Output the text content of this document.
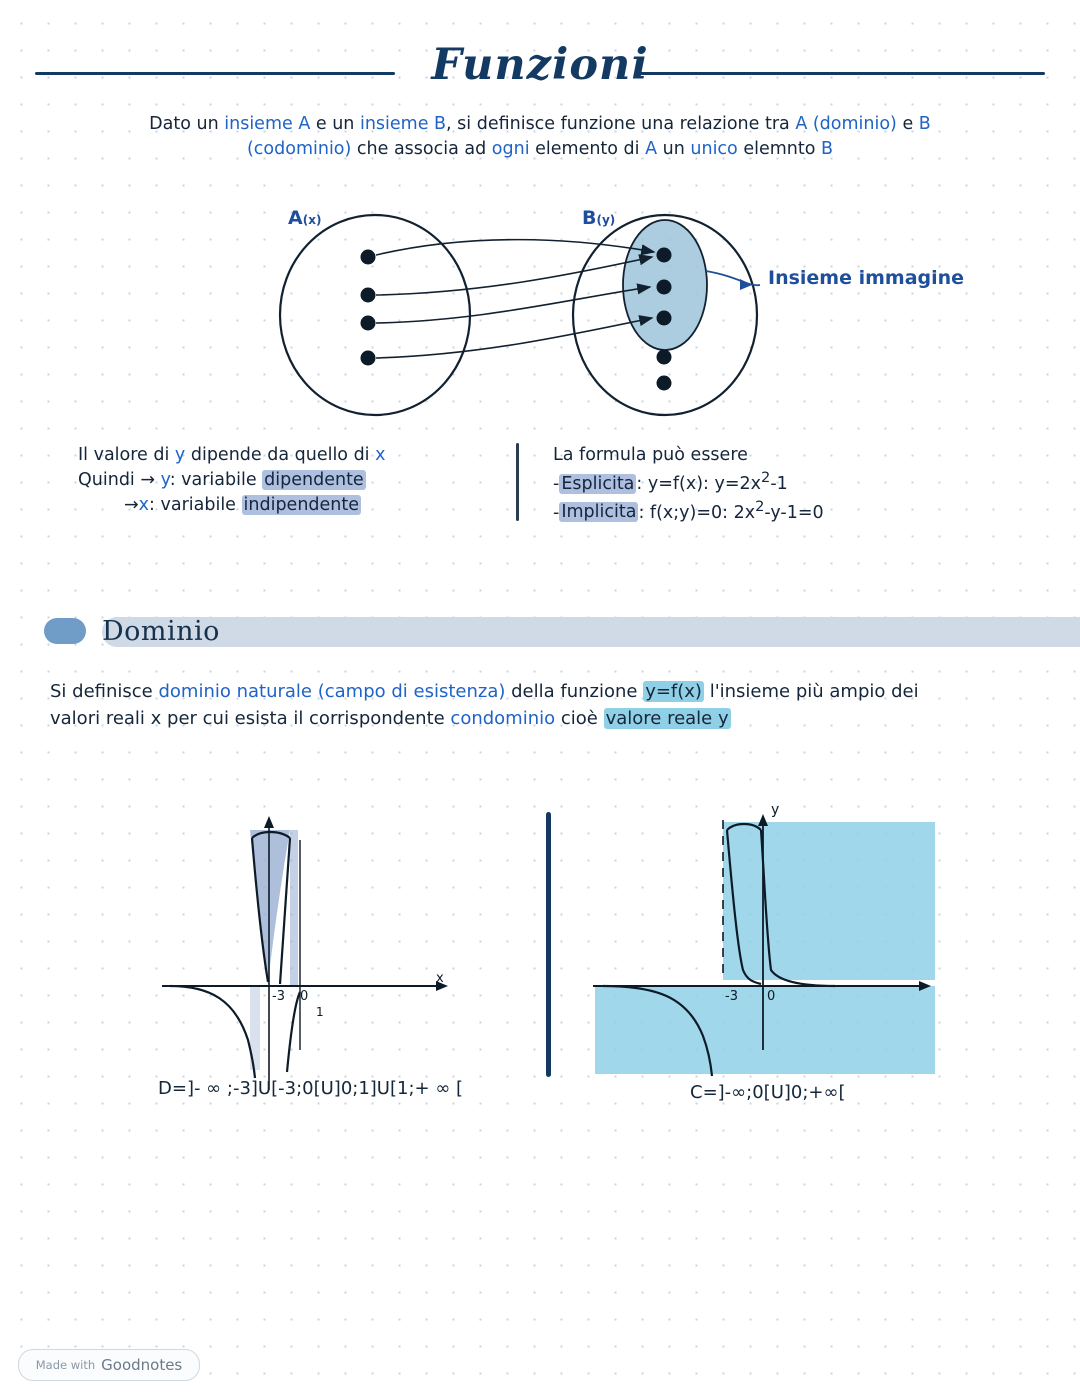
Funzioni
Dato un insieme A e un insieme B, si definisce funzione una relazione tra A (dominio) e B
(codominio) che associa ad ogni elemento di A un unico elemnto B
A(x)	B(y)
Insieme immagine
Il valore di y dipende da quello di x
Quindi → y: variabile dipendente
→x: variabile indipendente
La formula può essere
- Esplicita : y=f(x): $y=2x^2-1$
- Implicita : f(x;y)=0: $2x^2-y-1=0$
Dominio
Si definisce dominio naturale (campo di esistenza) della funzione y=f(x) l'insieme più ampio dei
valori reali x per cui esista il corrispondente condominio cioè valore reale y
-3 0
1
x
D=]- ∞ ;-3]U[-3;0[U]0;1]U[1;+ ∞ [
-3 0
y
C=]-∞;0[U]0;+∞[
Made with Goodnotes
